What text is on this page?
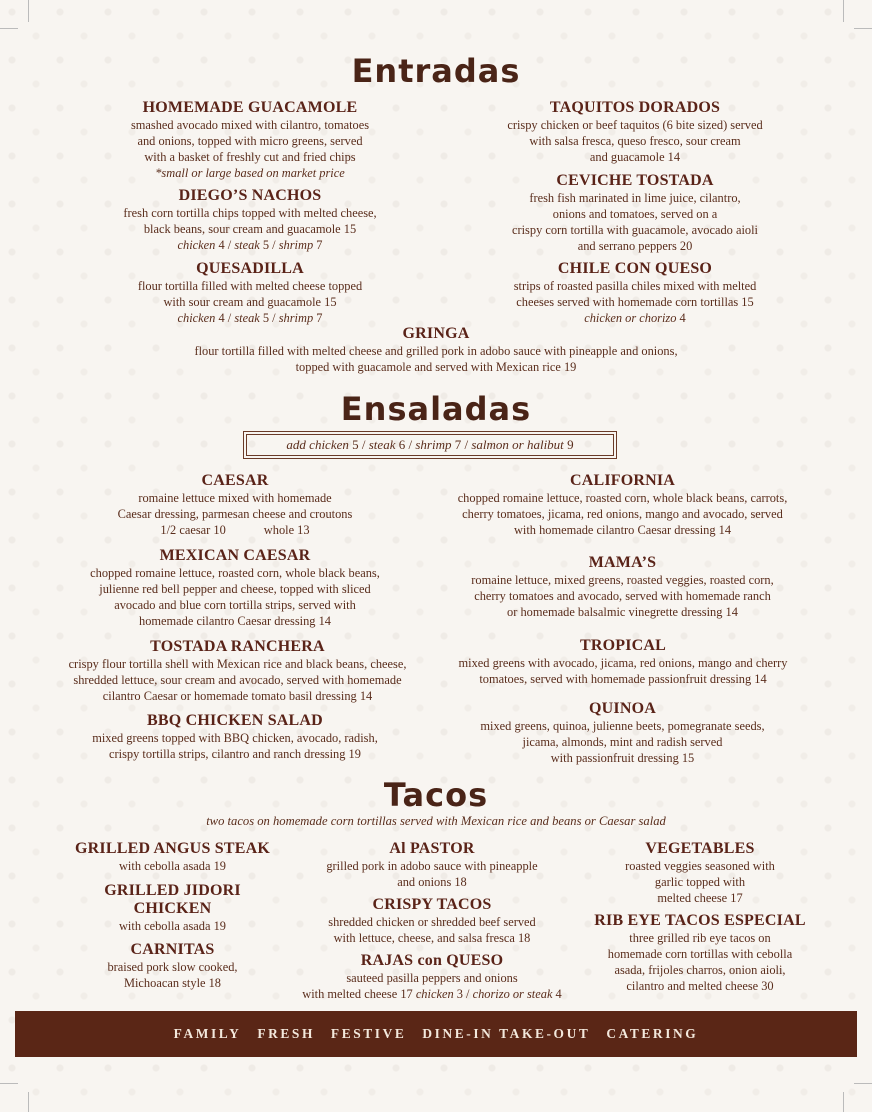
Entradas
HOMEMADE GUACAMOLE
smashed avocado mixed with cilantro, tomatoes
and onions, topped with micro greens, served
with a basket of freshly cut and fried chips
*small or large based on market price
DIEGO’S NACHOS
fresh corn tortilla chips topped with melted cheese,
black beans, sour cream and guacamole 15
chicken 4 / steak 5 / shrimp 7
QUESADILLA
flour tortilla filled with melted cheese topped
with sour cream and guacamole 15
chicken 4 / steak 5 / shrimp 7
TAQUITOS DORADOS
crispy chicken or beef taquitos (6 bite sized) served
with salsa fresca, queso fresco, sour cream
and guacamole 14
CEVICHE TOSTADA
fresh fish marinated in lime juice, cilantro,
onions and tomatoes, served on a
crispy corn tortilla with guacamole, avocado aioli
and serrano peppers 20
CHILE CON QUESO
strips of roasted pasilla chiles mixed with melted
cheeses served with homemade corn tortillas 15
chicken or chorizo 4
GRINGA
flour tortilla filled with melted cheese and grilled pork in adobo sauce with pineapple and onions,
topped with guacamole and served with Mexican rice 19
Ensaladas
add chicken 5 / steak 6 / shrimp 7 / salmon or halibut 9
CAESAR
romaine lettuce mixed with homemade
Caesar dressing, parmesan cheese and croutons
1/2 caesar 10	whole 13
MEXICAN CAESAR
chopped romaine lettuce, roasted corn, whole black beans,
julienne red bell pepper and cheese, topped with sliced
avocado and blue corn tortilla strips, served with
homemade cilantro Caesar dressing 14
TOSTADA RANCHERA
crispy flour tortilla shell with Mexican rice and black beans, cheese,
shredded lettuce, sour cream and avocado, served with homemade
cilantro Caesar or homemade tomato basil dressing 14
BBQ CHICKEN SALAD
mixed greens topped with BBQ chicken, avocado, radish,
crispy tortilla strips, cilantro and ranch dressing 19
CALIFORNIA
chopped romaine lettuce, roasted corn, whole black beans, carrots,
cherry tomatoes, jicama, red onions, mango and avocado, served
with homemade cilantro Caesar dressing 14
MAMA’S
romaine lettuce, mixed greens, roasted veggies, roasted corn,
cherry tomatoes and avocado, served with homemade ranch
or homemade balsalmic vinegrette dressing 14
TROPICAL
mixed greens with avocado, jicama, red onions, mango and cherry
tomatoes, served with homemade passionfruit dressing 14
QUINOA
mixed greens, quinoa, julienne beets, pomegranate seeds,
jicama, almonds, mint and radish served
with passionfruit dressing 15
Tacos
two tacos on homemade corn tortillas served with Mexican rice and beans or Caesar salad
GRILLED ANGUS STEAK
with cebolla asada 19
GRILLED JIDORI
CHICKEN
with cebolla asada 19
CARNITAS
braised pork slow cooked,
Michoacan style 18
Al PASTOR
grilled pork in adobo sauce with pineapple
and onions 18
CRISPY TACOS
shredded chicken or shredded beef served
with lettuce, cheese, and salsa fresca 18
RAJAS con QUESO
sauteed pasilla peppers and onions
with melted cheese 17 chicken 3 / chorizo or steak 4
VEGETABLES
roasted veggies seasoned with
garlic topped with
melted cheese 17
RIB EYE TACOS ESPECIAL
three grilled rib eye tacos on
homemade corn tortillas with cebolla
asada, frijoles charros, onion aioli,
cilantro and melted cheese 30
FAMILY FRESH FESTIVE DINE-IN TAKE-OUT CATERING
